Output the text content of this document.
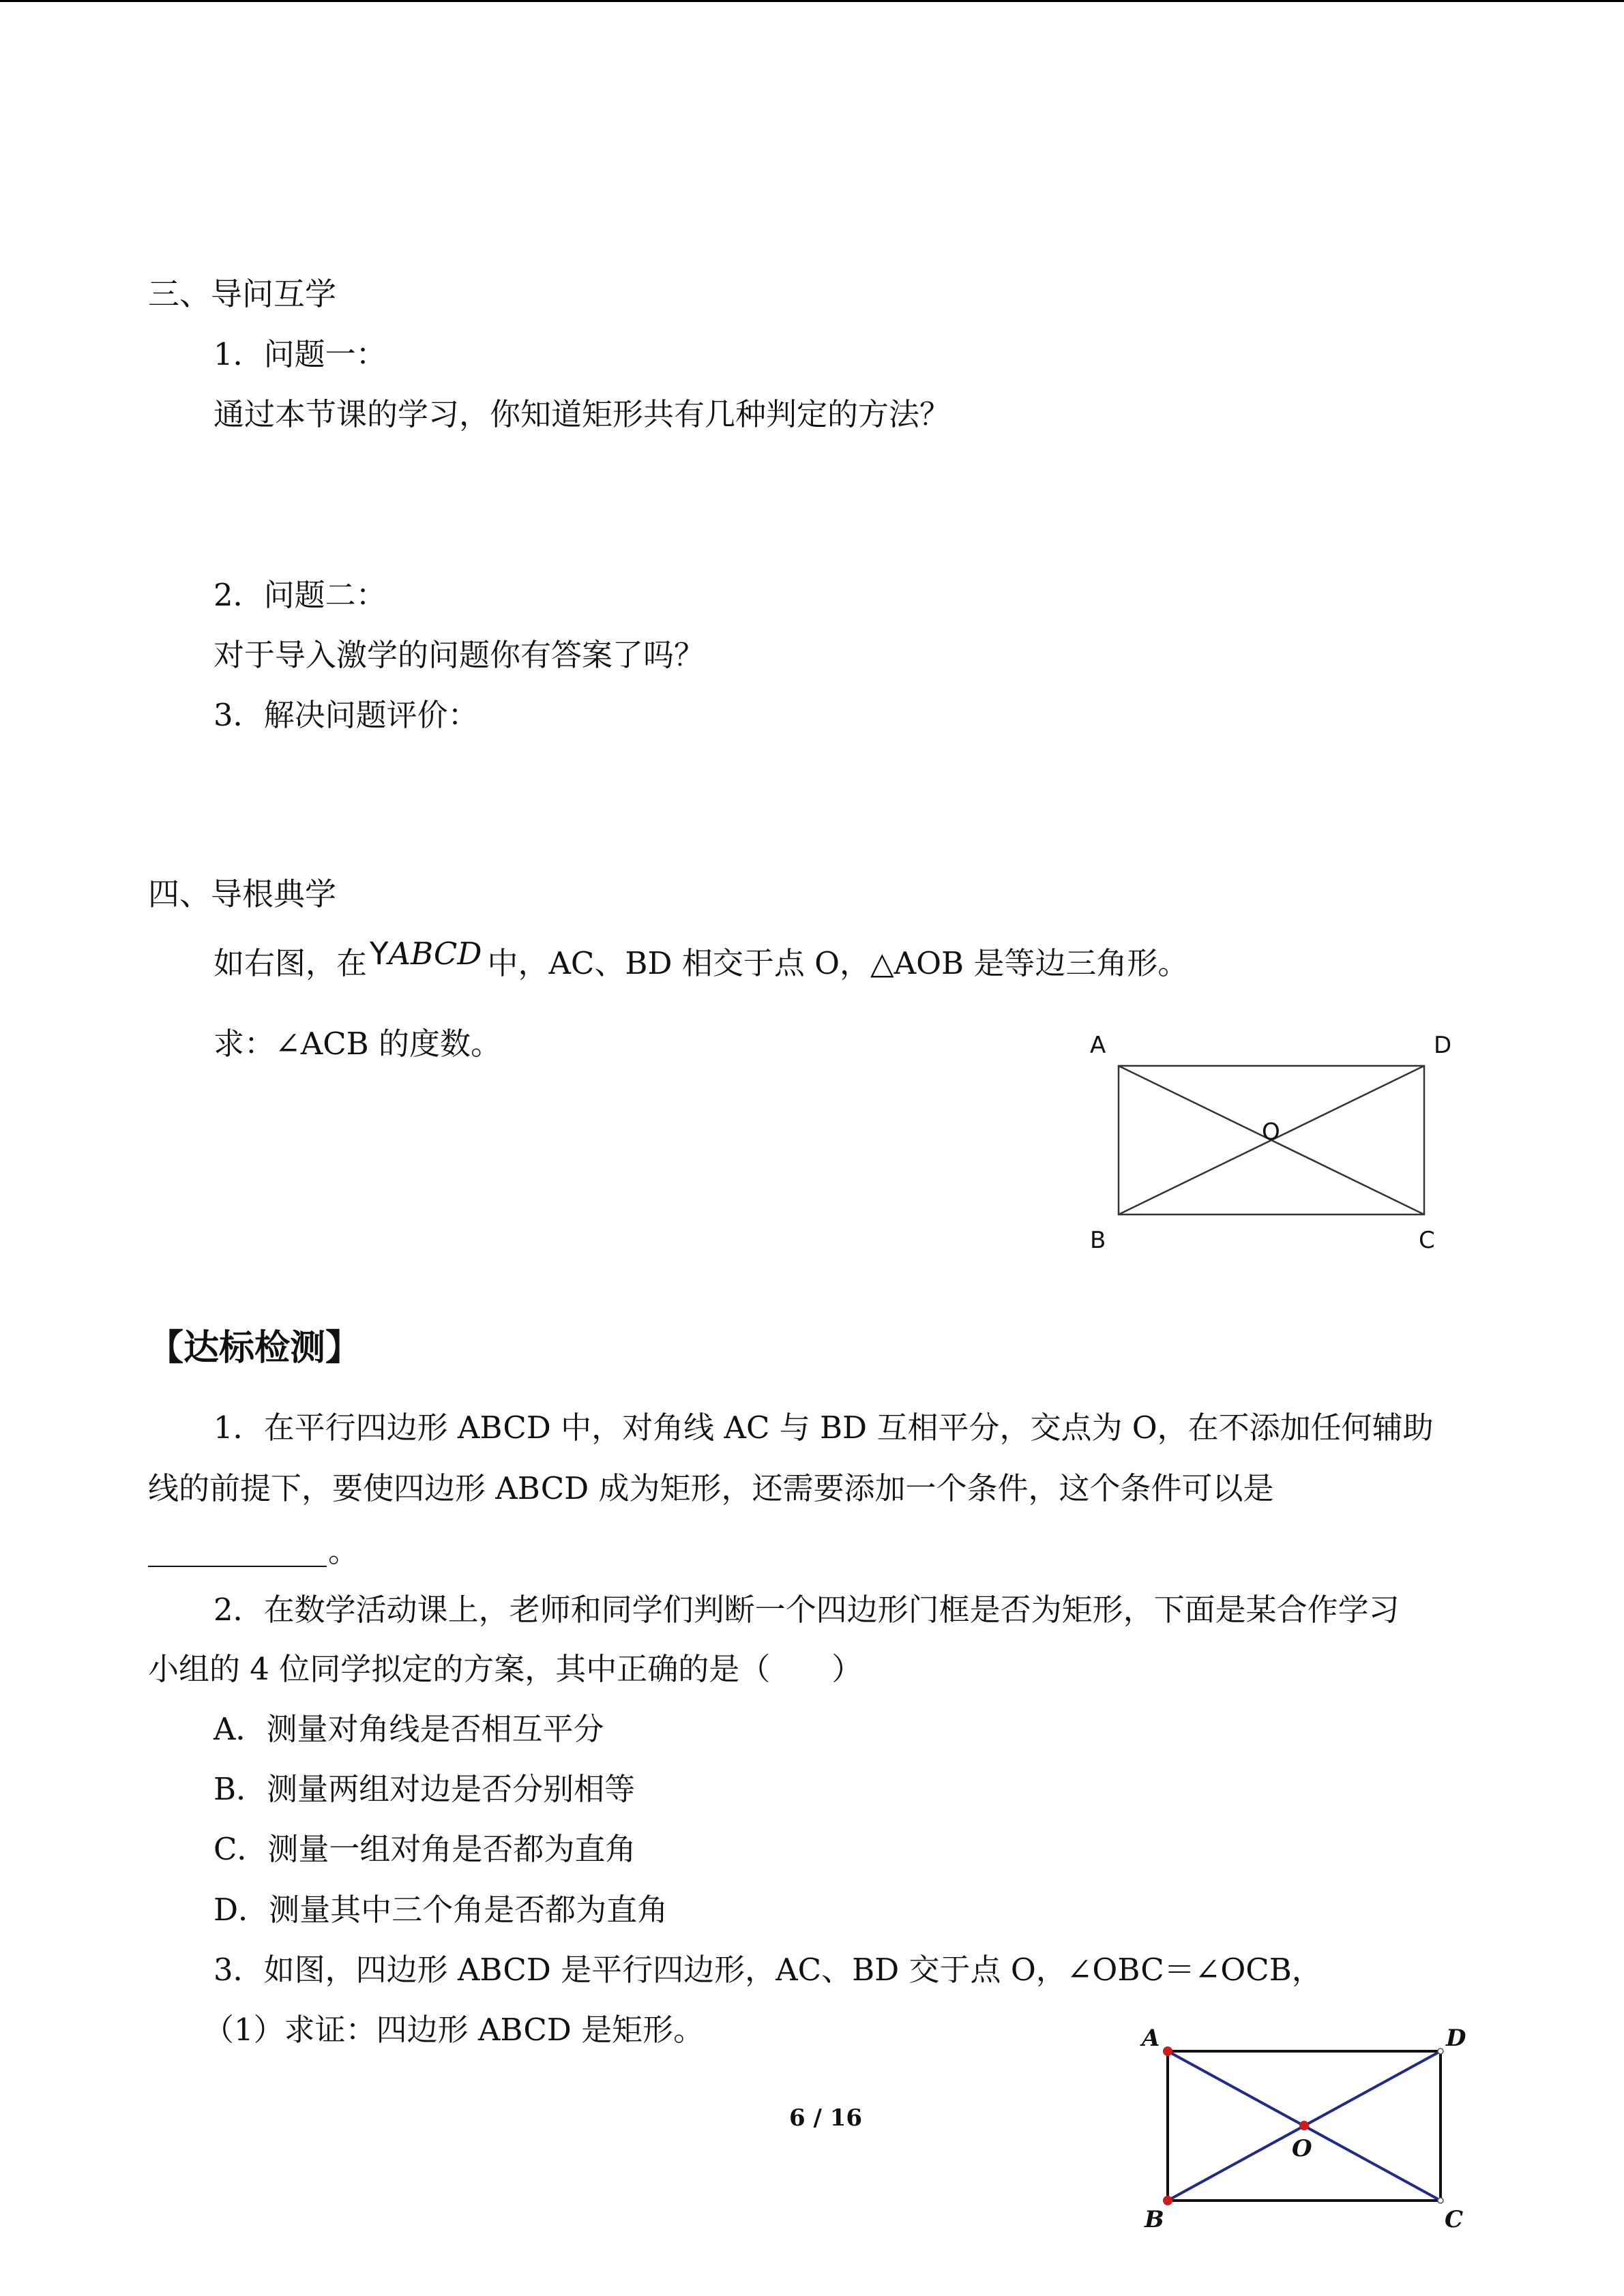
三、导问互学
1．问题一：
通过本节课的学习，你知道矩形共有几种判定的方法？
2．问题二：
对于导入激学的问题你有答案了吗？
3．解决问题评价：
四、导根典学
如右图，在YABCD 中，AC、BD 相交于点 O，△AOB 是等边三角形。
求：∠ACB 的度数。	A	D
O
B	C
【达标检测】
1．在平行四边形 ABCD 中，对角线 AC 与 BD 互相平分，交点为 O，在不添加任何辅助
线的前提下，要使四边形 ABCD 成为矩形，还需要添加一个条件，这个条件可以是
。
2．在数学活动课上，老师和同学们判断一个四边形门框是否为矩形，下面是某合作学习
小组的 4 位同学拟定的方案，其中正确的是（　　）
A．测量对角线是否相互平分
B．测量两组对边是否分别相等
C．测量一组对角是否都为直角
D．测量其中三个角是否都为直角
3．如图，四边形 ABCD 是平行四边形，AC、BD 交于点 O，∠OBC＝∠OCB，
（1）求证：四边形 ABCD 是矩形。
6 / 16
A	D
O
B	C
